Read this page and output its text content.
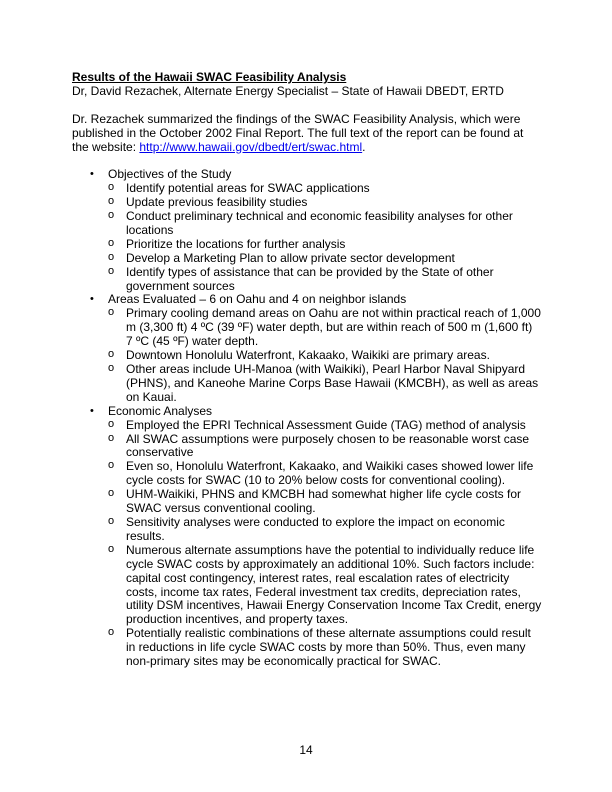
Results of the Hawaii SWAC Feasibility Analysis

Dr, David Rezachek, Alternate Energy Specialist – State of Hawaii DBEDT, ERTD

Dr. Rezachek summarized the findings of the SWAC Feasibility Analysis, which were published in the October 2002 Final Report. The full text of the report can be found at the website: http://www.hawaii.gov/dbedt/ert/swac.html.

• Objectives of the Study
o Identify potential areas for SWAC applications
o Update previous feasibility studies
o Conduct preliminary technical and economic feasibility analyses for other locations
o Prioritize the locations for further analysis
o Develop a Marketing Plan to allow private sector development
o Identify types of assistance that can be provided by the State of other government sources
• Areas Evaluated – 6 on Oahu and 4 on neighbor islands
o Primary cooling demand areas on Oahu are not within practical reach of 1,000 m (3,300 ft) 4 ºC (39 ºF) water depth, but are within reach of 500 m (1,600 ft) 7 ºC (45 ºF) water depth.
o Downtown Honolulu Waterfront, Kakaako, Waikiki are primary areas.
o Other areas include UH-Manoa (with Waikiki), Pearl Harbor Naval Shipyard (PHNS), and Kaneohe Marine Corps Base Hawaii (KMCBH), as well as areas on Kauai.
• Economic Analyses
o Employed the EPRI Technical Assessment Guide (TAG) method of analysis
o All SWAC assumptions were purposely chosen to be reasonable worst case conservative
o Even so, Honolulu Waterfront, Kakaako, and Waikiki cases showed lower life cycle costs for SWAC (10 to 20% below costs for conventional cooling).
o UHM-Waikiki, PHNS and KMCBH had somewhat higher life cycle costs for SWAC versus conventional cooling.
o Sensitivity analyses were conducted to explore the impact on economic results.
o Numerous alternate assumptions have the potential to individually reduce life cycle SWAC costs by approximately an additional 10%. Such factors include: capital cost contingency, interest rates, real escalation rates of electricity costs, income tax rates, Federal investment tax credits, depreciation rates, utility DSM incentives, Hawaii Energy Conservation Income Tax Credit, energy production incentives, and property taxes.
o Potentially realistic combinations of these alternate assumptions could result in reductions in life cycle SWAC costs by more than 50%. Thus, even many non-primary sites may be economically practical for SWAC.
14
